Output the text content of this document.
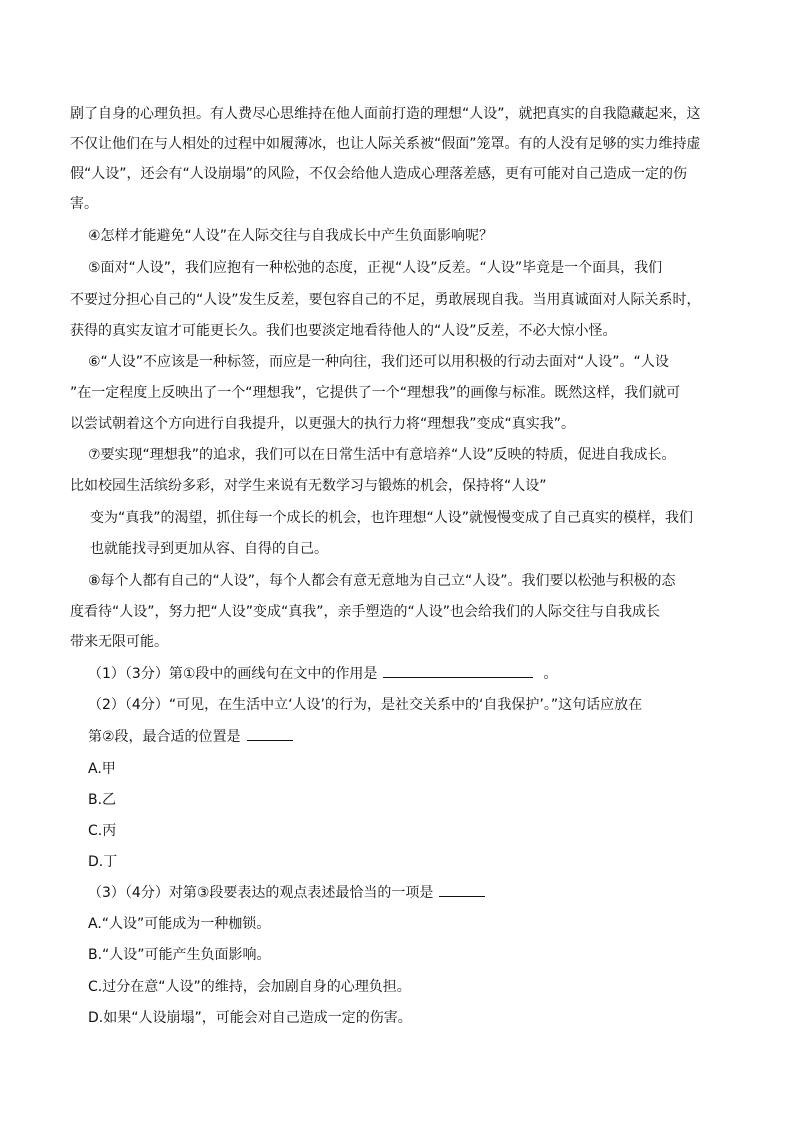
剧了自身的心理负担。有人费尽心思维持在他人面前打造的理想“人设”，就把真实的自我隐藏起来，这
不仅让他们在与人相处的过程中如履薄冰，也让人际关系被“假面”笼罩。有的人没有足够的实力维持虚
假“人设”，还会有“人设崩塌”的风险，不仅会给他人造成心理落差感，更有可能对自己造成一定的伤
害。
④怎样才能避免“人设”在人际交往与自我成长中产生负面影响呢？
⑤面对“人设”，我们应抱有一种松弛的态度，正视“人设”反差。“人设”毕竟是一个面具，我们
不要过分担心自己的“人设”发生反差，要包容自己的不足，勇敢展现自我。当用真诚面对人际关系时，
获得的真实友谊才可能更长久。我们也要淡定地看待他人的“人设”反差，不必大惊小怪。
⑥“人设”不应该是一种标签，而应是一种向往，我们还可以用积极的行动去面对“人设”。“人设
”在一定程度上反映出了一个“理想我”，它提供了一个“理想我”的画像与标准。既然这样，我们就可
以尝试朝着这个方向进行自我提升，以更强大的执行力将“理想我”变成“真实我”。
⑦要实现“理想我”的追求，我们可以在日常生活中有意培养“人设”反映的特质，促进自我成长。
比如校园生活缤纷多彩，对学生来说有无数学习与锻炼的机会，保持将“人设”
变为“真我”的渴望，抓住每一个成长的机会，也许理想“人设”就慢慢变成了自己真实的模样，我们
也就能找寻到更加从容、自得的自己。
⑧每个人都有自己的“人设”，每个人都会有意无意地为自己立“人设”。我们要以松弛与积极的态
度看待“人设”，努力把“人设”变成“真我”，亲手塑造的“人设”也会给我们的人际交往与自我成长
带来无限可能。
（1）（3分）第①段中的画线句在文中的作用是	。
（2）（4分）“可见，在生活中立‘人设’的行为，是社交关系中的‘自我保护’。”这句话应放在
第②段，最合适的位置是
A.甲
B.乙
C.丙
D.丁
（3）（4分）对第③段要表达的观点表述最恰当的一项是
A.“人设”可能成为一种枷锁。
B.“人设”可能产生负面影响。
C.过分在意“人设”的维持，会加剧自身的心理负担。
D.如果“人设崩塌”，可能会对自己造成一定的伤害。
